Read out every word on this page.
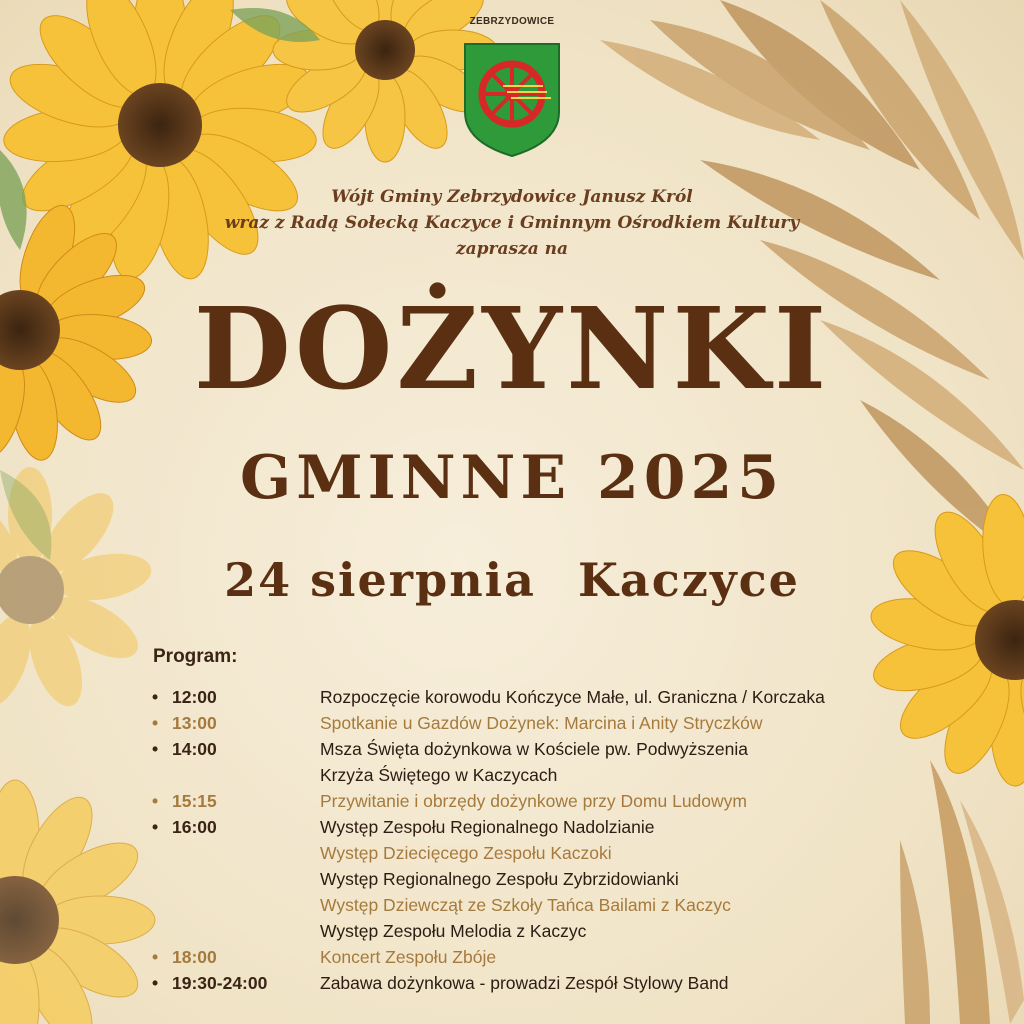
ZEBRZYDOWICE
Wójt Gminy Zebrzydowice Janusz Król
wraz z Radą Sołecką Kaczyce i Gminnym Ośrodkiem Kultury
zaprasza na
DOŻYNKI
GMINNE 2025
24 sierpnia Kaczyce
Program:
• 12:00	Rozpoczęcie korowodu Kończyce Małe, ul. Graniczna / Korczaka
• 13:00	Spotkanie u Gazdów Dożynek: Marcina i Anity Stryczków
• 14:00	Msza Święta dożynkowa w Kościele pw. Podwyższenia
Krzyża Świętego w Kaczycach
• 15:15	Przywitanie i obrzędy dożynkowe przy Domu Ludowym
• 16:00	Występ Zespołu Regionalnego Nadolzianie
Występ Dziecięcego Zespołu Kaczoki
Występ Regionalnego Zespołu Zybrzidowianki
Występ Dziewcząt ze Szkoły Tańca Bailami z Kaczyc
Występ Zespołu Melodia z Kaczyc
• 18:00	Koncert Zespołu Zbóje
• 19:30-24:00	Zabawa dożynkowa - prowadzi Zespół Stylowy Band
